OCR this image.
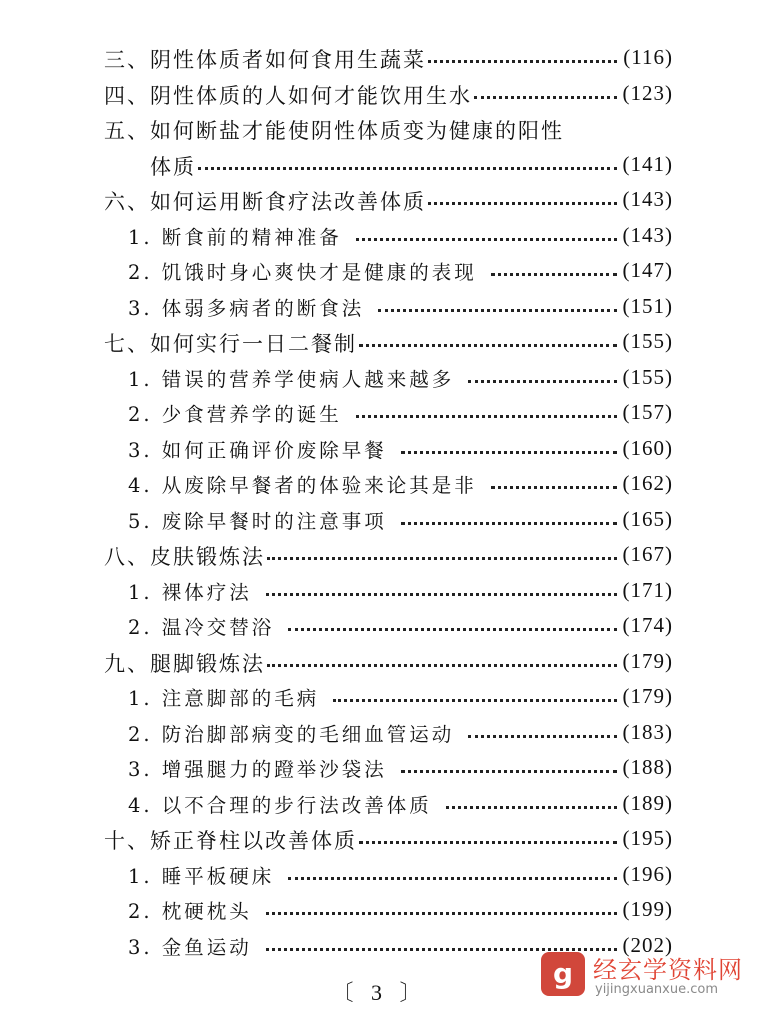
三、阴性体质者如何食用生蔬菜	(116)
四、阴性体质的人如何才能饮用生水	(123)
五、如何断盐才能使阴性体质变为健康的阳性
体质	(141)
六、如何运用断食疗法改善体质	(143)
1. 断食前的精神准备	(143)
2. 饥饿时身心爽快才是健康的表现	(147)
3. 体弱多病者的断食法	(151)
七、如何实行一日二餐制	(155)
1. 错误的营养学使病人越来越多	(155)
2. 少食营养学的诞生	(157)
3. 如何正确评价废除早餐	(160)
4. 从废除早餐者的体验来论其是非	(162)
5. 废除早餐时的注意事项	(165)
八、皮肤锻炼法	(167)
1. 裸体疗法	(171)
2. 温冷交替浴	(174)
九、腿脚锻炼法	(179)
1. 注意脚部的毛病	(179)
2. 防治脚部病变的毛细血管运动	(183)
3. 增强腿力的蹬举沙袋法	(188)
4. 以不合理的步行法改善体质	(189)
十、矫正脊柱以改善体质	(195)
1. 睡平板硬床	(196)
2. 枕硬枕头	(199)
3. 金鱼运动	(202)
〔 3 〕
g 经玄学资料网
yijingxuanxue.com
